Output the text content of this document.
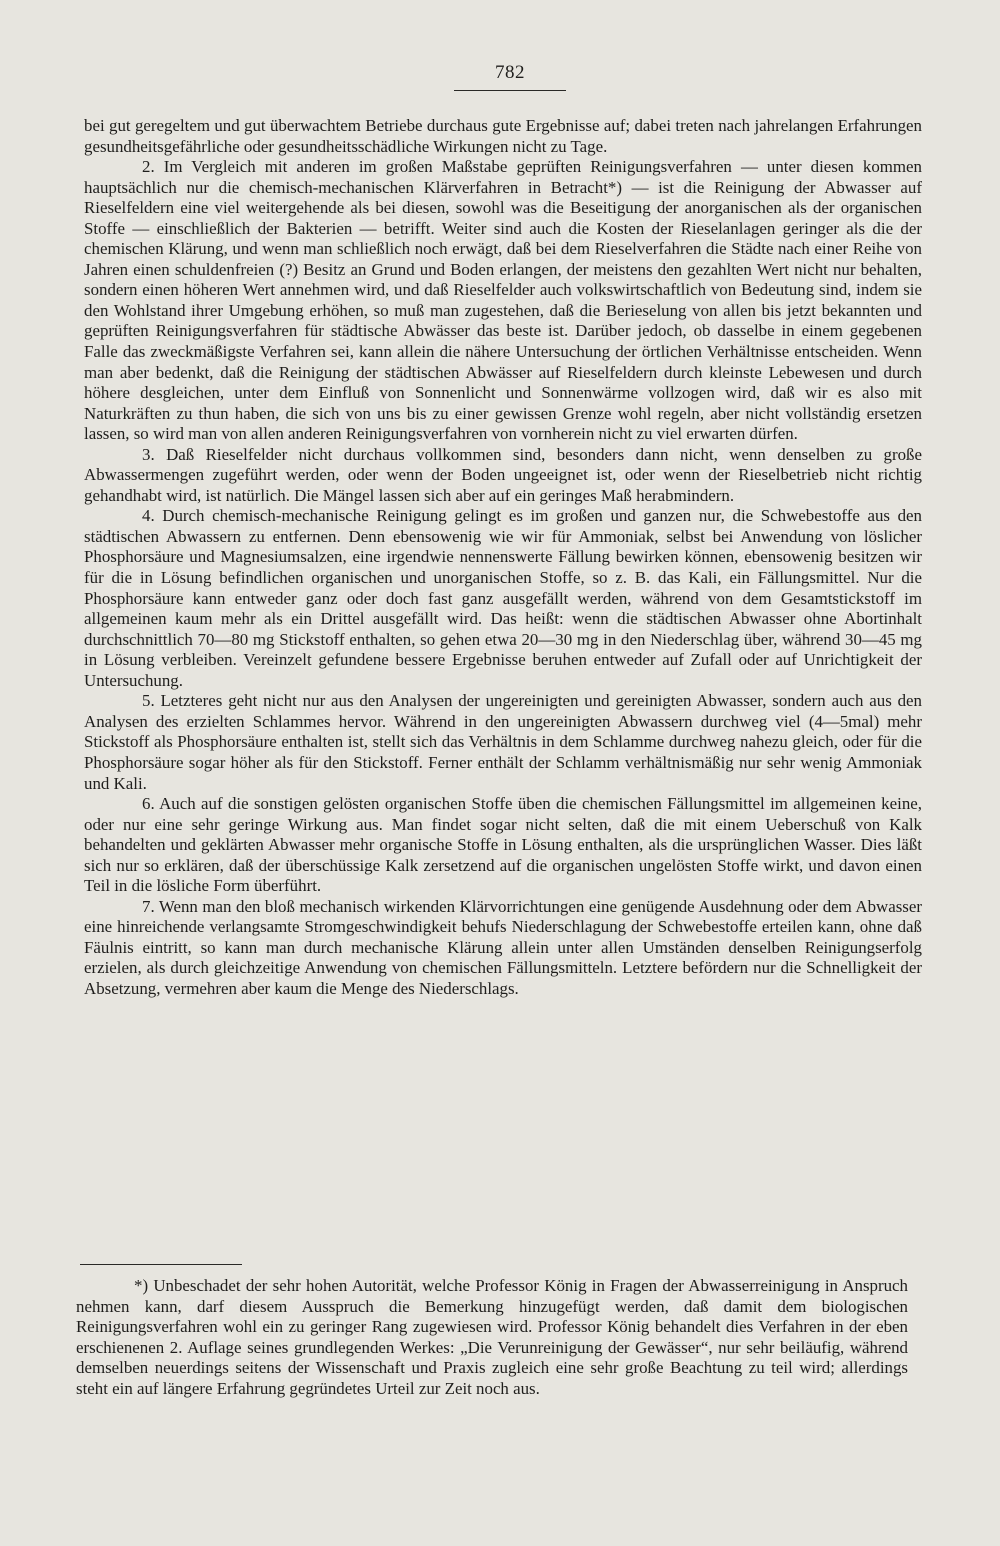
782

bei gut geregeltem und gut überwachtem Betriebe durchaus gute Ergebnisse auf; dabei treten nach jahrelangen Erfahrungen gesundheitsgefährliche oder gesundheitsschädliche Wirkungen nicht zu Tage.

2. Im Vergleich mit anderen im großen Maßstabe geprüften Reinigungsverfahren — unter diesen kommen hauptsächlich nur die chemisch-mechanischen Klärverfahren in Betracht*) — ist die Reinigung der Abwasser auf Rieselfeldern eine viel weitergehende als bei diesen, sowohl was die Beseitigung der anorganischen als der organischen Stoffe — einschließlich der Bakterien — betrifft. Weiter sind auch die Kosten der Rieselanlagen geringer als die der chemischen Klärung, und wenn man schließlich noch erwägt, daß bei dem Rieselverfahren die Städte nach einer Reihe von Jahren einen schuldenfreien (?) Besitz an Grund und Boden erlangen, der meistens den gezahlten Wert nicht nur behalten, sondern einen höheren Wert annehmen wird, und daß Rieselfelder auch volkswirtschaftlich von Bedeutung sind, indem sie den Wohlstand ihrer Umgebung erhöhen, so muß man zugestehen, daß die Berieselung von allen bis jetzt bekannten und geprüften Reinigungsverfahren für städtische Abwässer das beste ist. Darüber jedoch, ob dasselbe in einem gegebenen Falle das zweckmäßigste Verfahren sei, kann allein die nähere Untersuchung der örtlichen Verhältnisse entscheiden. Wenn man aber bedenkt, daß die Reinigung der städtischen Abwässer auf Rieselfeldern durch kleinste Lebewesen und durch höhere desgleichen, unter dem Einfluß von Sonnenlicht und Sonnenwärme vollzogen wird, daß wir es also mit Naturkräften zu thun haben, die sich von uns bis zu einer gewissen Grenze wohl regeln, aber nicht vollständig ersetzen lassen, so wird man von allen anderen Reinigungsverfahren von vornherein nicht zu viel erwarten dürfen.

3. Daß Rieselfelder nicht durchaus vollkommen sind, besonders dann nicht, wenn denselben zu große Abwassermengen zugeführt werden, oder wenn der Boden ungeeignet ist, oder wenn der Rieselbetrieb nicht richtig gehandhabt wird, ist natürlich. Die Mängel lassen sich aber auf ein geringes Maß herabmindern.

4. Durch chemisch-mechanische Reinigung gelingt es im großen und ganzen nur, die Schwebestoffe aus den städtischen Abwassern zu entfernen. Denn ebensowenig wie wir für Ammoniak, selbst bei Anwendung von löslicher Phosphorsäure und Magnesiumsalzen, eine irgendwie nennenswerte Fällung bewirken können, ebensowenig besitzen wir für die in Lösung befindlichen organischen und unorganischen Stoffe, so z. B. das Kali, ein Fällungsmittel. Nur die Phosphorsäure kann entweder ganz oder doch fast ganz ausgefällt werden, während von dem Gesamtstickstoff im allgemeinen kaum mehr als ein Drittel ausgefällt wird. Das heißt: wenn die städtischen Abwasser ohne Abortinhalt durchschnittlich 70—80 mg Stickstoff enthalten, so gehen etwa 20—30 mg in den Niederschlag über, während 30—45 mg in Lösung verbleiben. Vereinzelt gefundene bessere Ergebnisse beruhen entweder auf Zufall oder auf Unrichtigkeit der Untersuchung.

5. Letzteres geht nicht nur aus den Analysen der ungereinigten und gereinigten Abwasser, sondern auch aus den Analysen des erzielten Schlammes hervor. Während in den ungereinigten Abwassern durchweg viel (4—5mal) mehr Stickstoff als Phosphorsäure enthalten ist, stellt sich das Verhältnis in dem Schlamme durchweg nahezu gleich, oder für die Phosphorsäure sogar höher als für den Stickstoff. Ferner enthält der Schlamm verhältnismäßig nur sehr wenig Ammoniak und Kali.

6. Auch auf die sonstigen gelösten organischen Stoffe üben die chemischen Fällungsmittel im allgemeinen keine, oder nur eine sehr geringe Wirkung aus. Man findet sogar nicht selten, daß die mit einem Ueberschuß von Kalk behandelten und geklärten Abwasser mehr organische Stoffe in Lösung enthalten, als die ursprünglichen Wasser. Dies läßt sich nur so erklären, daß der überschüssige Kalk zersetzend auf die organischen ungelösten Stoffe wirkt, und davon einen Teil in die lösliche Form überführt.

7. Wenn man den bloß mechanisch wirkenden Klärvorrichtungen eine genügende Ausdehnung oder dem Abwasser eine hinreichende verlangsamte Stromgeschwindigkeit behufs Niederschlagung der Schwebestoffe erteilen kann, ohne daß Fäulnis eintritt, so kann man durch mechanische Klärung allein unter allen Umständen denselben Reinigungserfolg erzielen, als durch gleichzeitige Anwendung von chemischen Fällungsmitteln. Letztere befördern nur die Schnelligkeit der Absetzung, vermehren aber kaum die Menge des Niederschlags.

*) Unbeschadet der sehr hohen Autorität, welche Professor König in Fragen der Abwasserreinigung in Anspruch nehmen kann, darf diesem Ausspruch die Bemerkung hinzugefügt werden, daß damit dem biologischen Reinigungsverfahren wohl ein zu geringer Rang zugewiesen wird. Professor König behandelt dies Verfahren in der eben erschienenen 2. Auflage seines grundlegenden Werkes: „Die Verunreinigung der Gewässer“, nur sehr beiläufig, während demselben neuerdings seitens der Wissenschaft und Praxis zugleich eine sehr große Beachtung zu teil wird; allerdings steht ein auf längere Erfahrung gegründetes Urteil zur Zeit noch aus.
